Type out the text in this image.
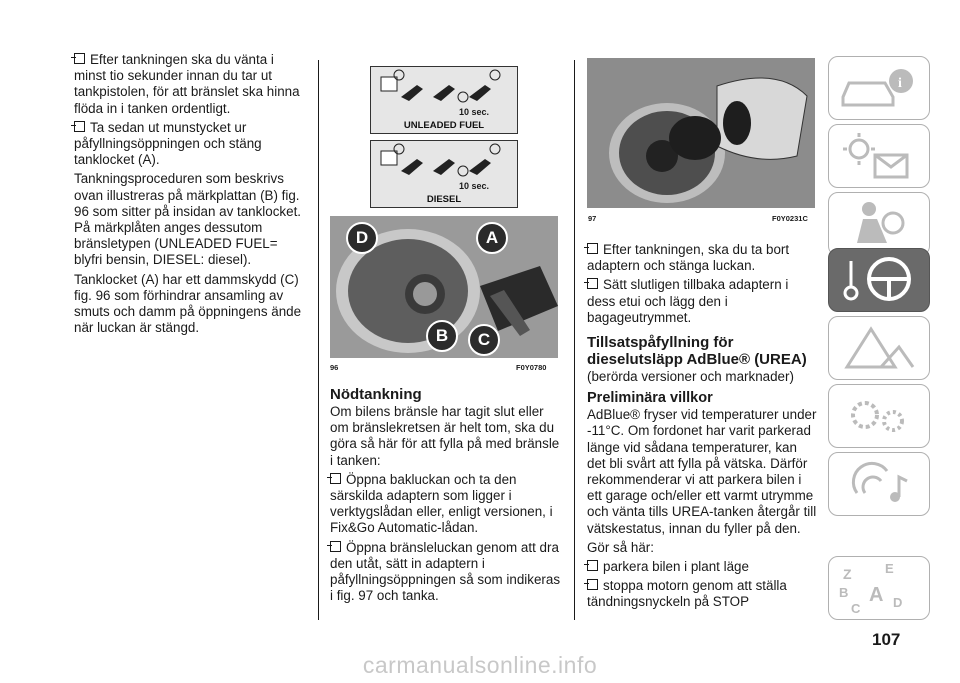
Efter tankningen ska du vänta i minst tio sekunder innan du tar ut tankpistolen, för att bränslet ska hinna flöda in i tanken ordentligt.

Ta sedan ut munstycket ur påfyllningsöppningen och stäng tanklocket (A).

Tankningsproceduren som beskrivs ovan illustreras på märkplattan (B) fig. 96 som sitter på insidan av tanklocket. På märkplåten anges dessutom bränsletypen (UNLEADED FUEL= blyfri bensin, DIESEL: diesel).

Tanklocket (A) har ett dammskydd (C) fig. 96 som förhindrar ansamling av smuts och damm på öppningens ände när luckan är stängd.

10 sec.
UNLEADED FUEL
10 sec.
DIESEL
D	A
B	C
96	F0Y0780
Nödtankning

Om bilens bränsle har tagit slut eller om bränslekretsen är helt tom, ska du göra så här för att fylla på med bränsle i tanken:

Öppna bakluckan och ta den särskilda adaptern som ligger i verktygslådan eller, enligt versionen, i Fix&Go Automatic-lådan.

Öppna bränsleluckan genom att dra den utåt, sätt in adaptern i påfyllningsöppningen så som indikeras i fig. 97 och tanka.

97	F0Y0231C

Efter tankningen, ska du ta bort adaptern och stänga luckan.

Sätt slutligen tillbaka adaptern i dess etui och lägg den i bagageutrymmet.

Tillsatspåfyllning för dieselutsläpp AdBlue® (UREA)

(berörda versioner och marknader)

Preliminära villkor

AdBlue® fryser vid temperaturer under -11°C. Om fordonet har varit parkerad länge vid sådana temperaturer, kan det bli svårt att fylla på vätska. Därför rekommenderar vi att parkera bilen i ett garage och/eller ett varmt utrymme och vänta tills UREA-tanken återgår till vätskestatus, innan du fyller på den.

Gör så här:

parkera bilen i plant läge

stoppa motorn genom att ställa tändningsnyckeln på STOP

i
Z	E
B A
C	D
107
carmanualsonline.info
